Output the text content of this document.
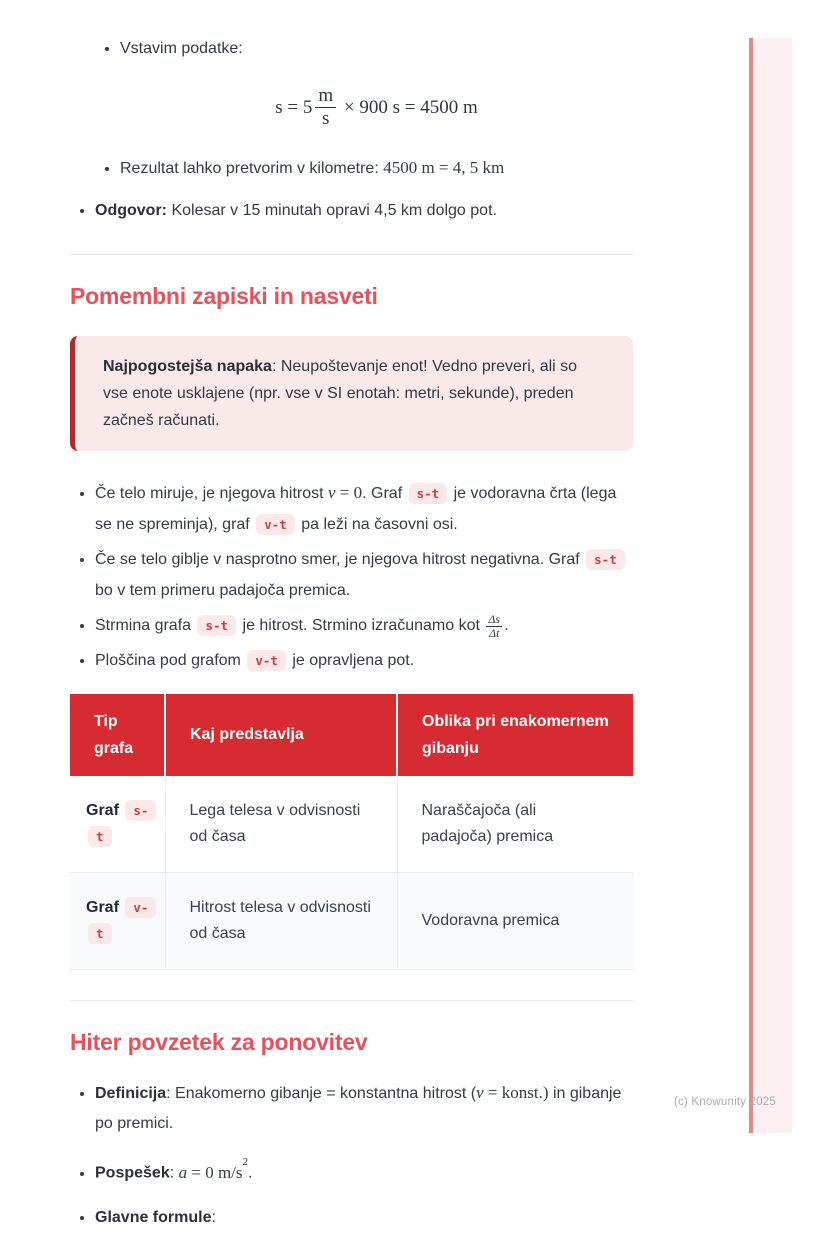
• Vstavim podatke:
$s = 5 \frac{m}{s} \times 900$ s = 4500 m
• Rezultat lahko pretvorim v kilometre: 4500 m = 4, 5 km
• Odgovor: Kolesar v 15 minutah opravi 4,5 km dolgo pot.
Pomembni zapiski in nasveti
Najpogostejša napaka: Neupoštevanje enot! Vedno preveri, ali so vse enote usklajene (npr. vse v SI enotah: metri, sekunde), preden začneš računati.
• Če telo miruje, je njegova hitrost v = 0. Graf s-t je vodoravna črta (lega se ne spreminja), graf v-t pa leži na časovni osi.
• Če se telo giblje v nasprotno smer, je njegova hitrost negativna. Graf s-t bo v tem primeru padajoča premica.
• Strmina grafa s-t je hitrost. Strmino izračunamo kot $\frac{\Delta s}{\Delta t}$ .
• Ploščina pod grafom v-t je opravljena pot.
Tip grafa	Kaj predstavlja	Oblika pri enakomernem gibanju
Graf s-t	Lega telesa v odvisnosti od časa	Naraščajoča (ali padajoča) premica
Graf v-t	Hitrost telesa v odvisnosti od časa	Vodoravna premica
Hiter povzetek za ponovitev
• Definicija: Enakomerno gibanje = konstantna hitrost (v = konst.) in gibanje po premici.
• Pospešek: a = 0 $m/s^2$.
• Glavne formule:
(c) Knowunity 2025
